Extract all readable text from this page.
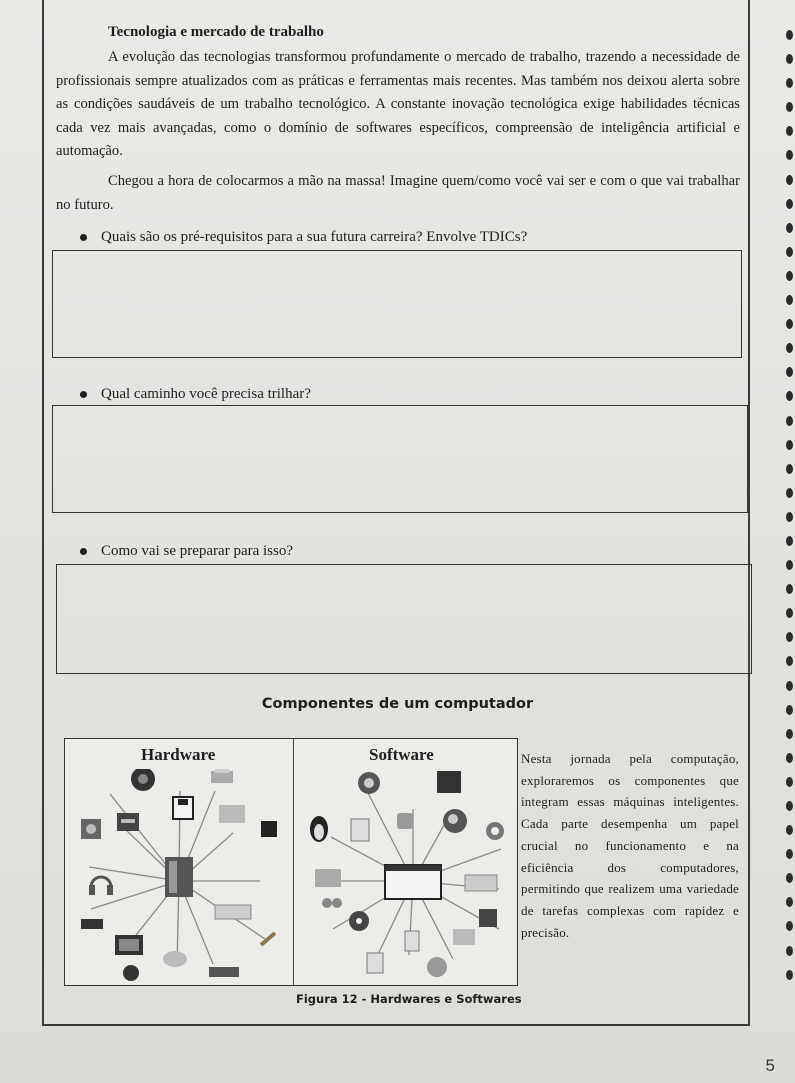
Tecnologia e mercado de trabalho

A evolução das tecnologias transformou profundamente o mercado de trabalho, trazendo a necessidade de profissionais sempre atualizados com as práticas e ferramentas mais recentes. Mas também nos deixou alerta sobre as condições saudáveis de um trabalho tecnológico. A constante inovação tecnológica exige habilidades técnicas cada vez mais avançadas, como o domínio de softwares específicos, compreensão de inteligência artificial e automação.

Chegou a hora de colocarmos a mão na massa! Imagine quem/como você vai ser e com o que vai trabalhar no futuro.

Quais são os pré-requisitos para a sua futura carreira? Envolve TDICs?

Qual caminho você precisa trilhar?

Como vai se preparar para isso?

Componentes de um computador

Hardware	Software

Figura 12 - Hardwares e Softwares

Nesta jornada pela computação, exploraremos os componentes que integram essas máquinas inteligentes. Cada parte desempenha um papel crucial no funcionamento e na eficiência dos computadores, permitindo que realizem uma variedade de tarefas complexas com rapidez e precisão.

5
